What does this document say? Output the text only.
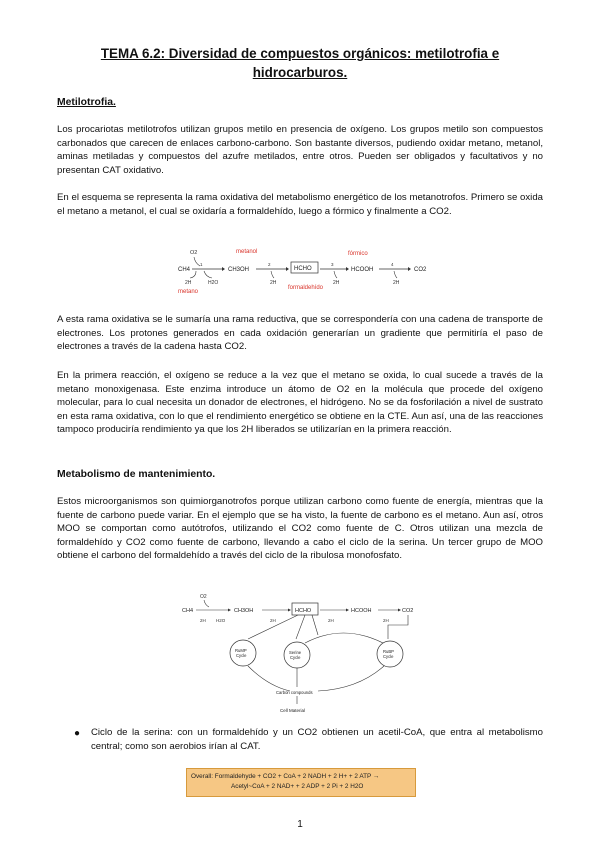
TEMA 6.2: Diversidad de compuestos orgánicos: metilotrofia e
hidrocarburos.
Metilotrofia.

Los procariotas metilotrofos utilizan grupos metilo en presencia de oxígeno. Los grupos metilo son compuestos carbonados que carecen de enlaces carbono-carbono. Son bastante diversos, pudiendo oxidar metano, metanol, aminas metiladas y compuestos del azufre metilados, entre otros. Pueden ser obligados y facultativos y no presentan CAT oxidativo.

En el esquema se representa la rama oxidativa del metabolismo energético de los metanotrofos. Primero se oxida el metano a metanol, el cual se oxidaría a formaldehído, luego a fórmico y finalmente a CO2.

O2
CH4
1
2H	H2O
metanol
CH3OH
2
2H
HCHO
formaldehído
3
2H
fórmico
HCOOH
4
2H
CO2
metano

A esta rama oxidativa se le sumaría una rama reductiva, que se correspondería con una cadena de transporte de electrones. Los protones generados en cada oxidación generarían un gradiente que permitiría el paso de electrones a través de la cadena hasta CO2.

En la primera reacción, el oxígeno se reduce a la vez que el metano se oxida, lo cual sucede a través de la metano monoxigenasa. Este enzima introduce un átomo de O2 en la molécula que procede del oxígeno molecular, para lo cual necesita un donador de electrones, el hidrógeno. No se da fosforilación a nivel de sustrato en esta rama oxidativa, con lo que el rendimiento energético se obtiene en la CTE. Aun así, una de las reacciones tampoco produciría rendimiento ya que los 2H liberados se utilizarían en la primera reacción.

Metabolismo de mantenimiento.

Estos microorganismos son quimiorganotrofos porque utilizan carbono como fuente de energía, mientras que la fuente de carbono puede variar. En el ejemplo que se ha visto, la fuente de carbono es el metano. Aun así, otros MOO se comportan como autótrofos, utilizando el CO2 como fuente de C. Otros utilizan una mezcla de formaldehído y CO2 como fuente de carbono, llevando a cabo el ciclo de la serina. Un tercer grupo de MOO obtiene el carbono del formaldehído a través del ciclo de la ribulosa monofosfato.

O2
CH4
2H H2O
CH3OH
2H
HCHO
2H
HCOOH
2H
CO2
RuMP
Cycle
Serine
Cycle
RuBP
Cycle
Carbon compounds
Cell Material
● Ciclo de la serina: con un formaldehído y un CO2 obtienen un acetil-CoA, que entra al metabolismo central; como son aerobios irían al CAT.

Overall: Formaldehyde + CO2 + CoA + 2 NADH + 2 H+ + 2 ATP →
Acetyl~CoA + 2 NAD+ + 2 ADP + 2 Pi + 2 H2O
1
